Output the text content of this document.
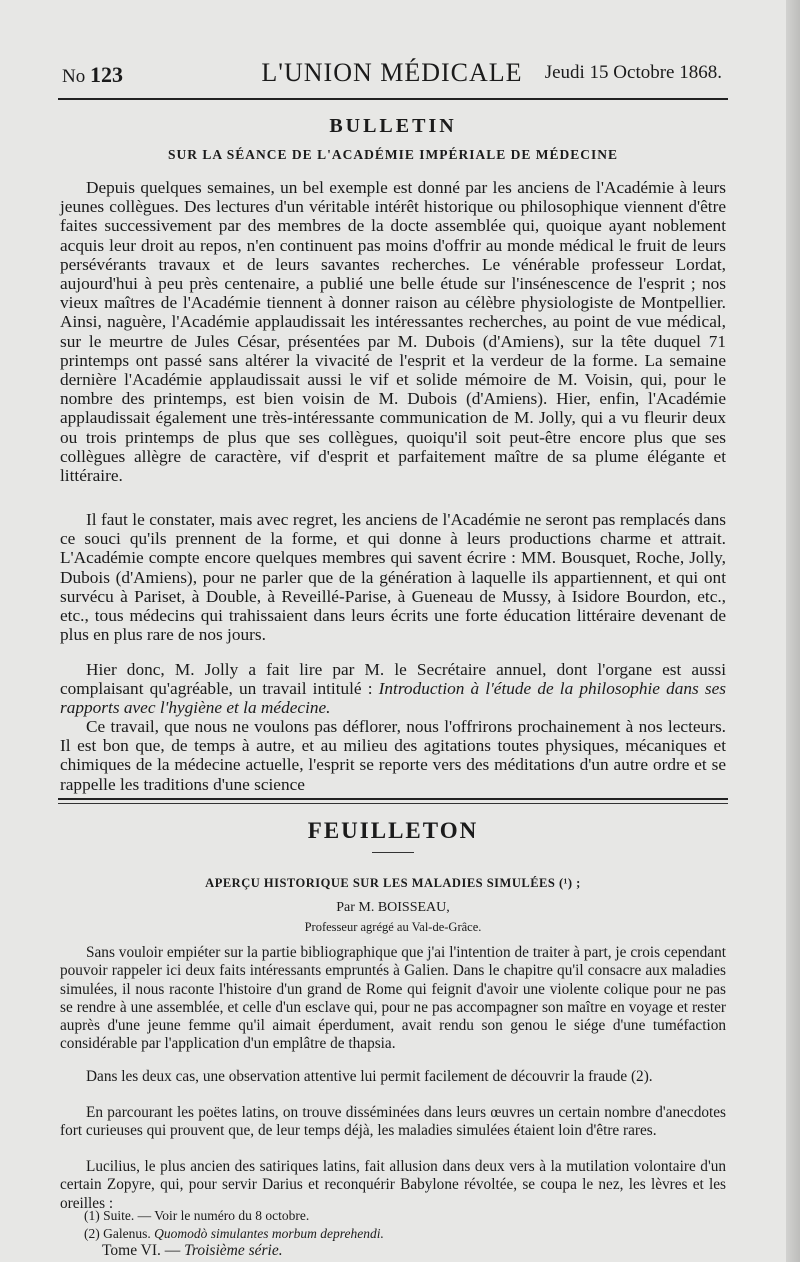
No 123	L'UNION MÉDICALE	Jeudi 15 Octobre 1868.
BULLETIN
SUR LA SÉANCE DE L'ACADÉMIE IMPÉRIALE DE MÉDECINE

Depuis quelques semaines, un bel exemple est donné par les anciens de l'Académie à leurs jeunes collègues. Des lectures d'un véritable intérêt historique ou philosophique viennent d'être faites successivement par des membres de la docte assemblée qui, quoique ayant noblement acquis leur droit au repos, n'en continuent pas moins d'offrir au monde médical le fruit de leurs persévérants travaux et de leurs savantes recherches. Le vénérable professeur Lordat, aujourd'hui à peu près centenaire, a publié une belle étude sur l'insénescence de l'esprit ; nos vieux maîtres de l'Académie tiennent à donner raison au célèbre physiologiste de Montpellier. Ainsi, naguère, l'Académie applaudissait les intéressantes recherches, au point de vue médical, sur le meurtre de Jules César, présentées par M. Dubois (d'Amiens), sur la tête duquel 71 printemps ont passé sans altérer la vivacité de l'esprit et la verdeur de la forme. La semaine dernière l'Académie applaudissait aussi le vif et solide mémoire de M. Voisin, qui, pour le nombre des printemps, est bien voisin de M. Dubois (d'Amiens). Hier, enfin, l'Académie applaudissait également une très-intéressante communication de M. Jolly, qui a vu fleurir deux ou trois printemps de plus que ses collègues, quoiqu'il soit peut-être encore plus que ses collègues allègre de caractère, vif d'esprit et parfaitement maître de sa plume élégante et littéraire.

Il faut le constater, mais avec regret, les anciens de l'Académie ne seront pas remplacés dans ce souci qu'ils prennent de la forme, et qui donne à leurs productions charme et attrait. L'Académie compte encore quelques membres qui savent écrire : MM. Bousquet, Roche, Jolly, Dubois (d'Amiens), pour ne parler que de la génération à laquelle ils appartiennent, et qui ont survécu à Pariset, à Double, à Reveillé-Parise, à Gueneau de Mussy, à Isidore Bourdon, etc., etc., tous médecins qui trahissaient dans leurs écrits une forte éducation littéraire devenant de plus en plus rare de nos jours.

Hier donc, M. Jolly a fait lire par M. le Secrétaire annuel, dont l'organe est aussi complaisant qu'agréable, un travail intitulé : Introduction à l'étude de la philosophie dans ses rapports avec l'hygiène et la médecine.

Ce travail, que nous ne voulons pas déflorer, nous l'offrirons prochainement à nos lecteurs. Il est bon que, de temps à autre, et au milieu des agitations toutes physiques, mécaniques et chimiques de la médecine actuelle, l'esprit se reporte vers des méditations d'un autre ordre et se rappelle les traditions d'une science

FEUILLETON
APERÇU HISTORIQUE SUR LES MALADIES SIMULÉES (¹) ;
Par M. BOISSEAU,
Professeur agrégé au Val-de-Grâce.

Sans vouloir empiéter sur la partie bibliographique que j'ai l'intention de traiter à part, je crois cependant pouvoir rappeler ici deux faits intéressants empruntés à Galien. Dans le chapitre qu'il consacre aux maladies simulées, il nous raconte l'histoire d'un grand de Rome qui feignit d'avoir une violente colique pour ne pas se rendre à une assemblée, et celle d'un esclave qui, pour ne pas accompagner son maître en voyage et rester auprès d'une jeune femme qu'il aimait éperdument, avait rendu son genou le siége d'une tuméfaction considérable par l'application d'un emplâtre de thapsia.

Dans les deux cas, une observation attentive lui permit facilement de découvrir la fraude (2).

En parcourant les poëtes latins, on trouve disséminées dans leurs œuvres un certain nombre d'anecdotes fort curieuses qui prouvent que, de leur temps déjà, les maladies simulées étaient loin d'être rares.

Lucilius, le plus ancien des satiriques latins, fait allusion dans deux vers à la mutilation volontaire d'un certain Zopyre, qui, pour servir Darius et reconquérir Babylone révoltée, se coupa le nez, les lèvres et les oreilles :

(1) Suite. — Voir le numéro du 8 octobre.
(2) Galenus. Quomodò simulantes morbum deprehendi.
Tome VI. — Troisième série.
